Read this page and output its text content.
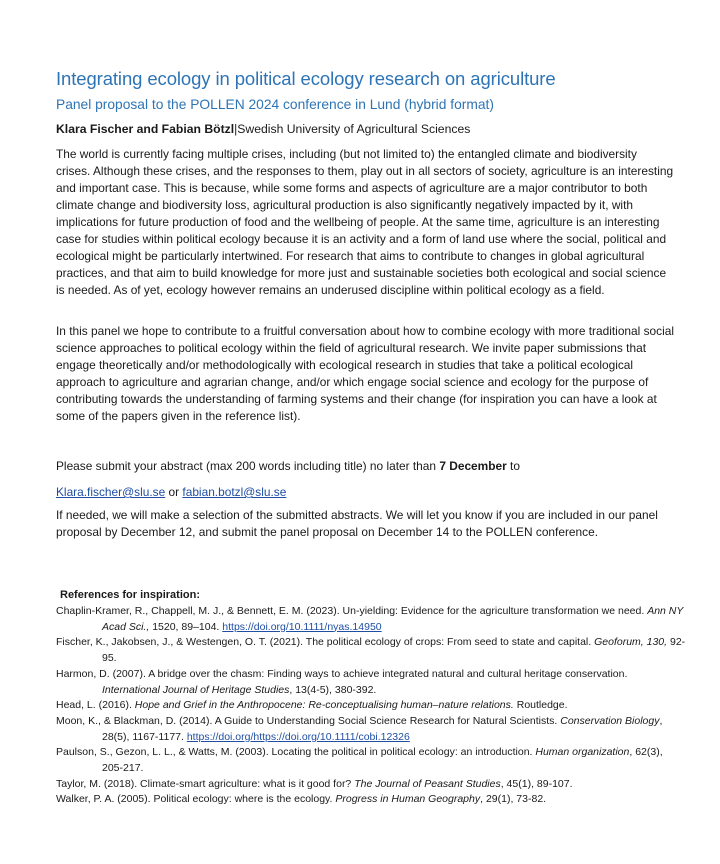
Integrating ecology in political ecology research on agriculture
Panel proposal to the POLLEN 2024 conference in Lund (hybrid format)
Klara Fischer and Fabian Bötzl|Swedish University of Agricultural Sciences

The world is currently facing multiple crises, including (but not limited to) the entangled climate and biodiversity crises. Although these crises, and the responses to them, play out in all sectors of society, agriculture is an interesting and important case. This is because, while some forms and aspects of agriculture are a major contributor to both climate change and biodiversity loss, agricultural production is also significantly negatively impacted by it, with implications for future production of food and the wellbeing of people. At the same time, agriculture is an interesting case for studies within political ecology because it is an activity and a form of land use where the social, political and ecological might be particularly intertwined. For research that aims to contribute to changes in global agricultural practices, and that aim to build knowledge for more just and sustainable societies both ecological and social science is needed. As of yet, ecology however remains an underused discipline within political ecology as a field.

In this panel we hope to contribute to a fruitful conversation about how to combine ecology with more traditional social science approaches to political ecology within the field of agricultural research. We invite paper submissions that engage theoretically and/or methodologically with ecological research in studies that take a political ecological approach to agriculture and agrarian change, and/or which engage social science and ecology for the purpose of contributing towards the understanding of farming systems and their change (for inspiration you can have a look at some of the papers given in the reference list).

Please submit your abstract (max 200 words including title) no later than 7 December to

Klara.fischer@slu.se or fabian.botzl@slu.se

If needed, we will make a selection of the submitted abstracts. We will let you know if you are included in our panel proposal by December 12, and submit the panel proposal on December 14 to the POLLEN conference.

References for inspiration:

Chaplin-Kramer, R., Chappell, M. J., & Bennett, E. M. (2023). Un-yielding: Evidence for the agriculture transformation we need. Ann NY Acad Sci., 1520, 89–104. https://doi.org/10.1111/nyas.14950

Fischer, K., Jakobsen, J., & Westengen, O. T. (2021). The political ecology of crops: From seed to state and capital. Geoforum, 130, 92-95.

Harmon, D. (2007). A bridge over the chasm: Finding ways to achieve integrated natural and cultural heritage conservation. International Journal of Heritage Studies, 13(4-5), 380-392.

Head, L. (2016). Hope and Grief in the Anthropocene: Re-conceptualising human–nature relations. Routledge.

Moon, K., & Blackman, D. (2014). A Guide to Understanding Social Science Research for Natural Scientists. Conservation Biology, 28(5), 1167-1177. https://doi.org/https://doi.org/10.1111/cobi.12326

Paulson, S., Gezon, L. L., & Watts, M. (2003). Locating the political in political ecology: an introduction. Human organization, 62(3), 205-217.

Taylor, M. (2018). Climate-smart agriculture: what is it good for? The Journal of Peasant Studies, 45(1), 89-107.

Walker, P. A. (2005). Political ecology: where is the ecology. Progress in Human Geography, 29(1), 73-82.
